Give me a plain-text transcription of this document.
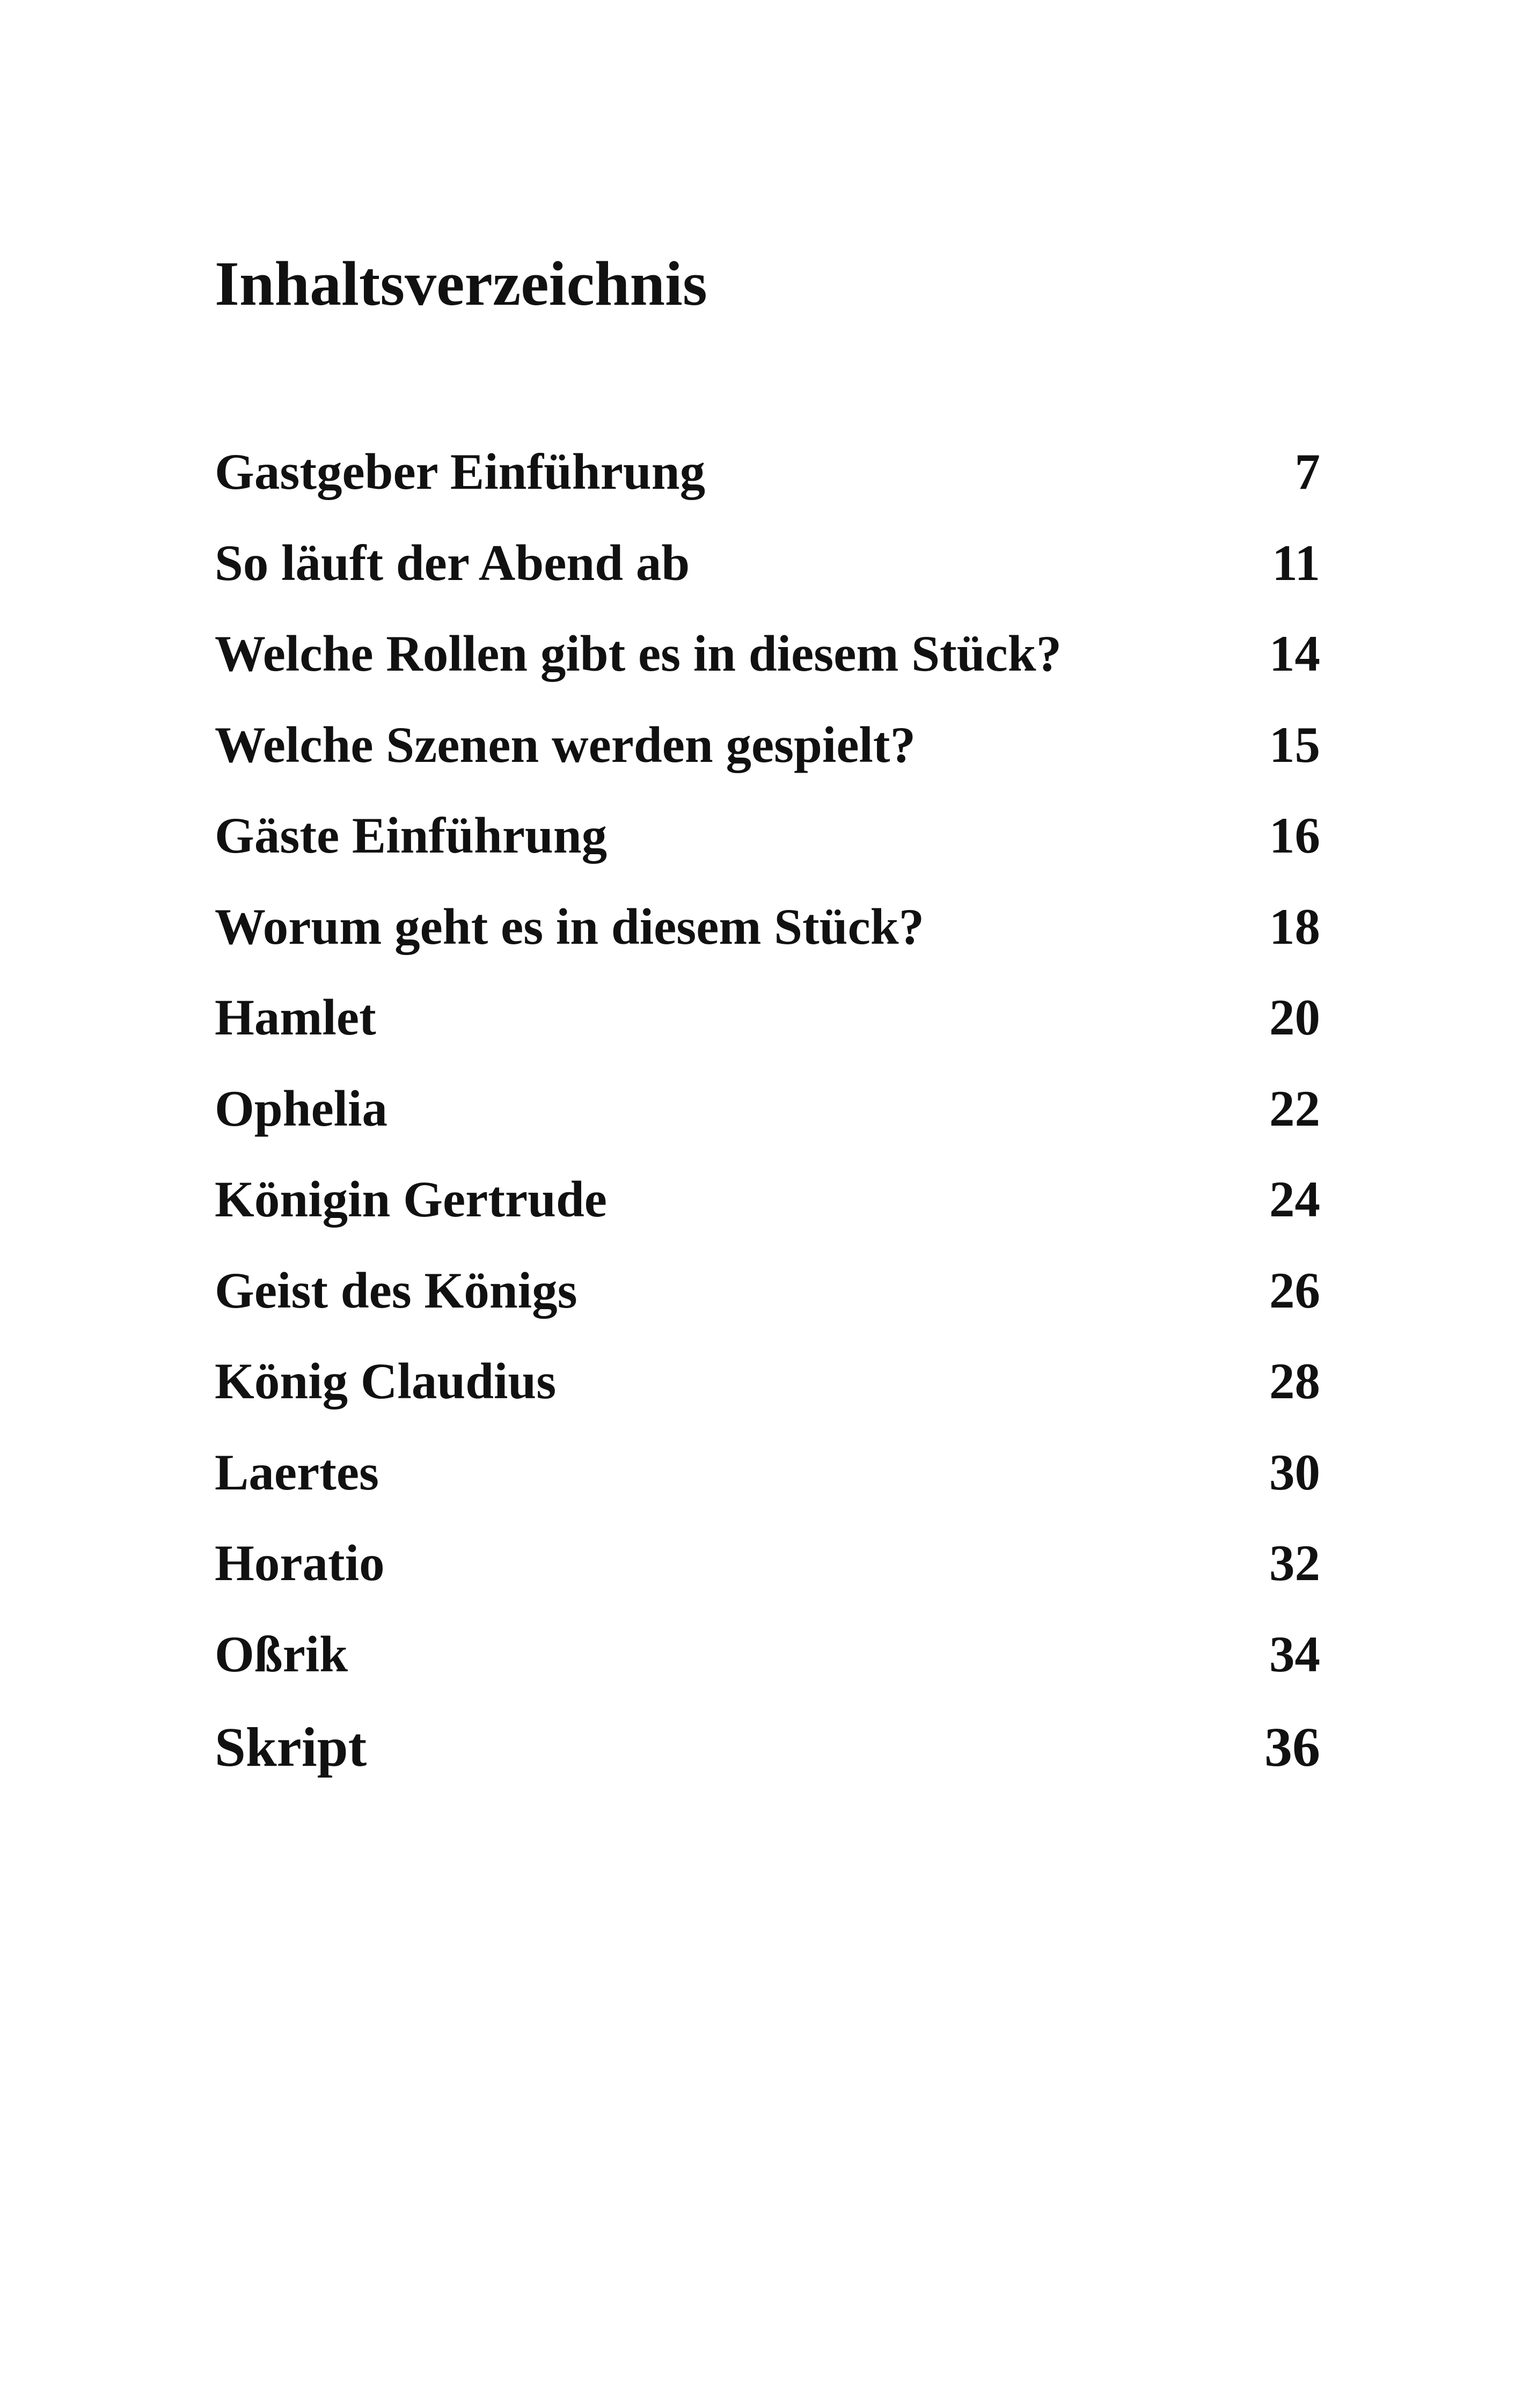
Inhaltsverzeichnis
Gastgeber Einführung	7
So läuft der Abend ab	11
Welche Rollen gibt es in diesem Stück?	14
Welche Szenen werden gespielt?	15
Gäste Einführung	16
Worum geht es in diesem Stück?	18
Hamlet	20
Ophelia	22
Königin Gertrude	24
Geist des Königs	26
König Claudius	28
Laertes	30
Horatio	32
Oßrik	34
Skript	36
